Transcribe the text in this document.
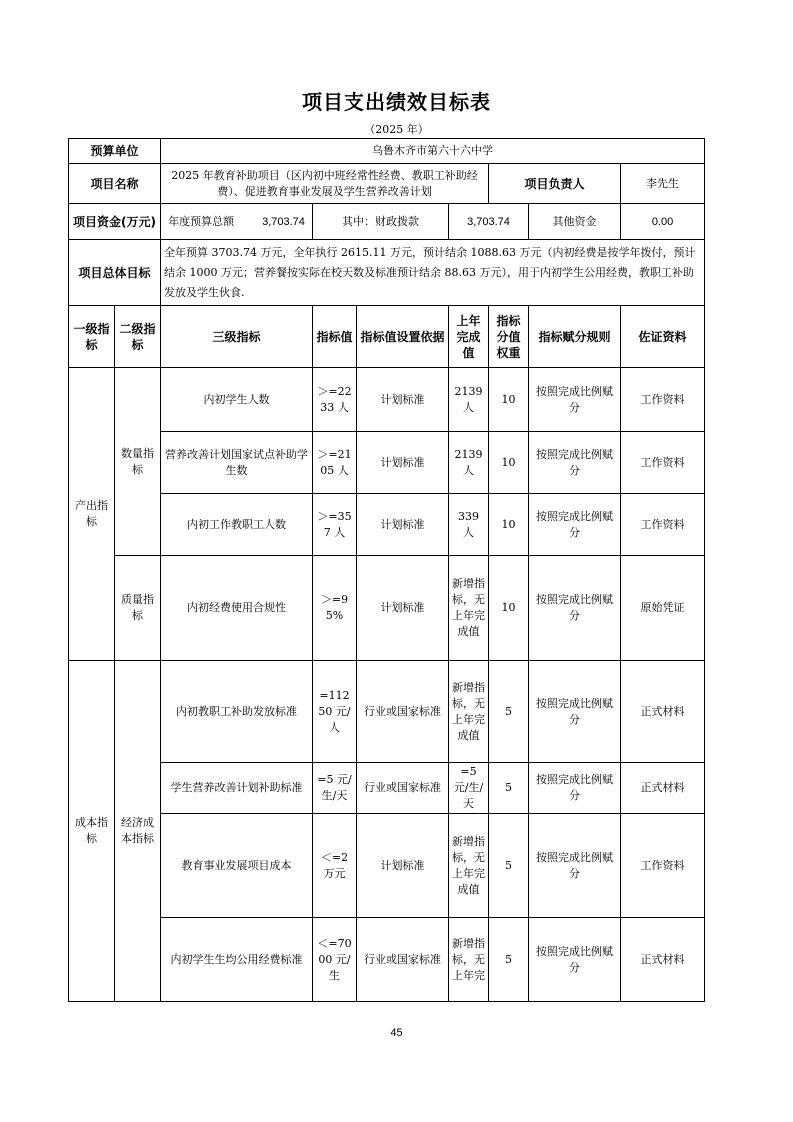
项目支出绩效目标表
（2025 年）
预算单位		乌鲁木齐市第六十六中学						
项目名称		2025 年教育补助项目（区内初中班经常性经费、教职工补助经费）、促进教育事业发展及学生营养改善计划				项目负责人		李先生
项目资金(万元)		年度预算总额 3,703.74	其中：财政拨款		3,703.74		其他资金	0.00
项目总体目标		全年预算 3703.74 万元，全年执行 2615.11 万元，预计结余 1088.63 万元（内初经费是按学年拨付，预计结余 1000 万元；营养餐按实际在校天数及标准预计结余 88.63 万元），用于内初学生公用经费，教职工补助发放及学生伙食.						
一级指标	二级指标	三级指标	指标值	指标值设置依据	上年完成值	指标分值权重	指标赋分规则	佐证资料
产出指标	数量指标	内初学生人数	＞=2233 人	计划标准	2139 人	10	按照完成比例赋分	工作资料
		营养改善计划国家试点补助学生数	＞=2105 人	计划标准	2139 人	10	按照完成比例赋分	工作资料
		内初工作教职工人数	＞=357 人	计划标准	339 人	10	按照完成比例赋分	工作资料
	质量指标	内初经费使用合规性	＞=95%	计划标准	新增指标，无上年完成值	10	按照完成比例赋分	原始凭证
成本指标	经济成本指标	内初教职工补助发放标准	=11250 元/人	行业或国家标准	新增指标，无上年完成值	5	按照完成比例赋分	正式材料
		学生营养改善计划补助标准	=5 元/生/天	行业或国家标准	=5 元/生/天	5	按照完成比例赋分	正式材料
		教育事业发展项目成本	＜=2 万元	计划标准	新增指标，无上年完成值	5	按照完成比例赋分	工作资料
		内初学生生均公用经费标准	＜=7000 元/生	行业或国家标准	新增指标，无上年完	5	按照完成比例赋分	正式材料
45
